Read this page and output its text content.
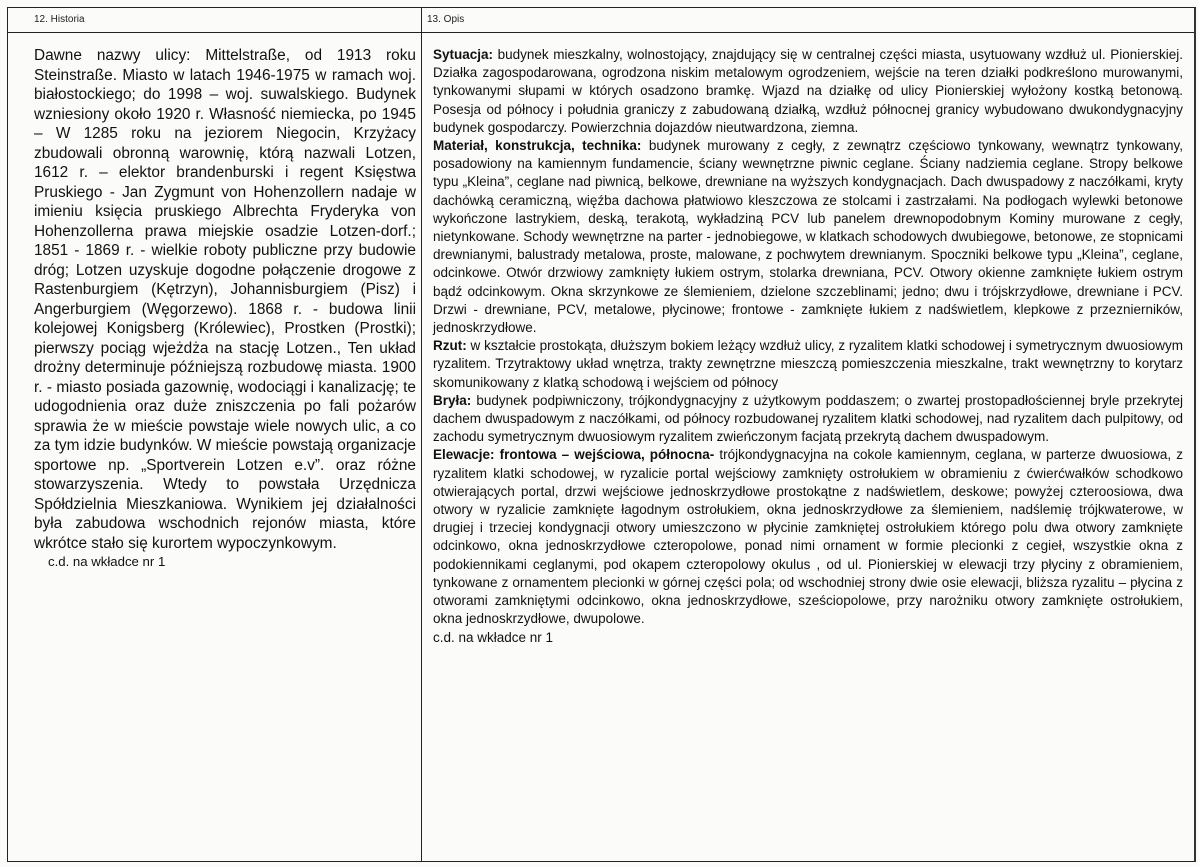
12. Historia	13. Opis

Dawne nazwy ulicy: Mittelstraße, od 1913 roku Steinstraße. Miasto w latach 1946-1975 w ramach woj. białostockiego; do 1998 – woj. suwalskiego. Budynek wzniesiony około 1920 r. Własność niemiecka, po 1945 – W 1285 roku na jeziorem Niegocin, Krzyżacy zbudowali obronną warownię, którą nazwali Lotzen, 1612 r. – elektor brandenburski i regent Księstwa Pruskiego - Jan Zygmunt von Hohenzollern nadaje w imieniu księcia pruskiego Albrechta Fryderyka von Hohenzollerna prawa miejskie osadzie Lotzen-dorf.; 1851 - 1869 r. - wielkie roboty publiczne przy budowie dróg; Lotzen uzyskuje dogodne połączenie drogowe z Rastenburgiem (Kętrzyn), Johannisburgiem (Pisz) i Angerburgiem (Węgorzewo). 1868 r. - budowa linii kolejowej Konigsberg (Królewiec), Prostken (Prostki); pierwszy pociąg wjeżdża na stację Lotzen., Ten układ drożny determinuje późniejszą rozbudowę miasta. 1900 r. - miasto posiada gazownię, wodociągi i kanalizację; te udogodnienia oraz duże zniszczenia po fali pożarów sprawia że w mieście powstaje wiele nowych ulic, a co za tym idzie budynków. W mieście powstają organizacje sportowe np. „Sportverein Lotzen e.v”. oraz różne stowarzyszenia. Wtedy to powstała Urzędnicza Spółdzielnia Mieszkaniowa. Wynikiem jej działalności była zabudowa wschodnich rejonów miasta, które wkrótce stało się kurortem wypoczynkowym.

c.d. na wkładce nr 1

Sytuacja: budynek mieszkalny, wolnostojący, znajdujący się w centralnej części miasta, usytuowany wzdłuż ul. Pionierskiej. Działka zagospodarowana, ogrodzona niskim metalowym ogrodzeniem, wejście na teren działki podkreślono murowanymi, tynkowanymi słupami w których osadzono bramkę. Wjazd na działkę od ulicy Pionierskiej wyłożony kostką betonową. Posesja od północy i południa graniczy z zabudowaną działką, wzdłuż północnej granicy wybudowano dwukondygnacyjny budynek gospodarczy. Powierzchnia dojazdów nieutwardzona, ziemna.

Materiał, konstrukcja, technika: budynek murowany z cegły, z zewnątrz częściowo tynkowany, wewnątrz tynkowany, posadowiony na kamiennym fundamencie, ściany wewnętrzne piwnic ceglane. Ściany nadziemia ceglane. Stropy belkowe typu „Kleina”, ceglane nad piwnicą, belkowe, drewniane na wyższych kondygnacjach. Dach dwuspadowy z naczółkami, kryty dachówką ceramiczną, więźba dachowa płatwiowo kleszczowa ze stolcami i zastrzałami. Na podłogach wylewki betonowe wykończone lastrykiem, deską, terakotą, wykładziną PCV lub panelem drewnopodobnym Kominy murowane z cegły, nietynkowane. Schody wewnętrzne na parter - jednobiegowe, w klatkach schodowych dwubiegowe, betonowe, ze stopnicami drewnianymi, balustrady metalowa, proste, malowane, z pochwytem drewnianym. Spoczniki belkowe typu „Kleina”, ceglane, odcinkowe. Otwór drzwiowy zamknięty łukiem ostrym, stolarka drewniana, PCV. Otwory okienne zamknięte łukiem ostrym bądź odcinkowym. Okna skrzynkowe ze ślemieniem, dzielone szczeblinami; jedno; dwu i trójskrzydłowe, drewniane i PCV. Drzwi - drewniane, PCV, metalowe, płycinowe; frontowe - zamknięte łukiem z nadświetlem, klepkowe z przeznierników, jednoskrzydłowe.

Rzut: w kształcie prostokąta, dłuższym bokiem leżący wzdłuż ulicy, z ryzalitem klatki schodowej i symetrycznym dwuosiowym ryzalitem. Trzytraktowy układ wnętrza, trakty zewnętrzne mieszczą pomieszczenia mieszkalne, trakt wewnętrzny to korytarz skomunikowany z klatką schodową i wejściem od północy

Bryła: budynek podpiwniczony, trójkondygnacyjny z użytkowym poddaszem; o zwartej prostopadłościennej bryle przekrytej dachem dwuspadowym z naczółkami, od północy rozbudowanej ryzalitem klatki schodowej, nad ryzalitem dach pulpitowy, od zachodu symetrycznym dwuosiowym ryzalitem zwieńczonym facjatą przekrytą dachem dwuspadowym.

Elewacje: frontowa – wejściowa, północna- trójkondygnacyjna na cokole kamiennym, ceglana, w parterze dwuosiowa, z ryzalitem klatki schodowej, w ryzalicie portal wejściowy zamknięty ostrołukiem w obramieniu z ćwierćwałków schodkowo otwierających portal, drzwi wejściowe jednoskrzydłowe prostokątne z nadświetlem, deskowe; powyżej czteroosiowa, dwa otwory w ryzalicie zamknięte łagodnym ostrołukiem, okna jednoskrzydłowe za ślemieniem, nadślemię trójkwaterowe, w drugiej i trzeciej kondygnacji otwory umieszczono w płycinie zamkniętej ostrołukiem którego polu dwa otwory zamknięte odcinkowo, okna jednoskrzydłowe czteropolowe, ponad nimi ornament w formie plecionki z cegieł, wszystkie okna z podokiennikami ceglanymi, pod okapem czteropolowy okulus , od ul. Pionierskiej w elewacji trzy płyciny z obramieniem, tynkowane z ornamentem plecionki w górnej części pola; od wschodniej strony dwie osie elewacji, bliższa ryzalitu – płycina z otworami zamkniętymi odcinkowo, okna jednoskrzydłowe, sześciopolowe, przy narożniku otwory zamknięte ostrołukiem, okna jednoskrzydłowe, dwupolowe.

c.d. na wkładce nr 1
